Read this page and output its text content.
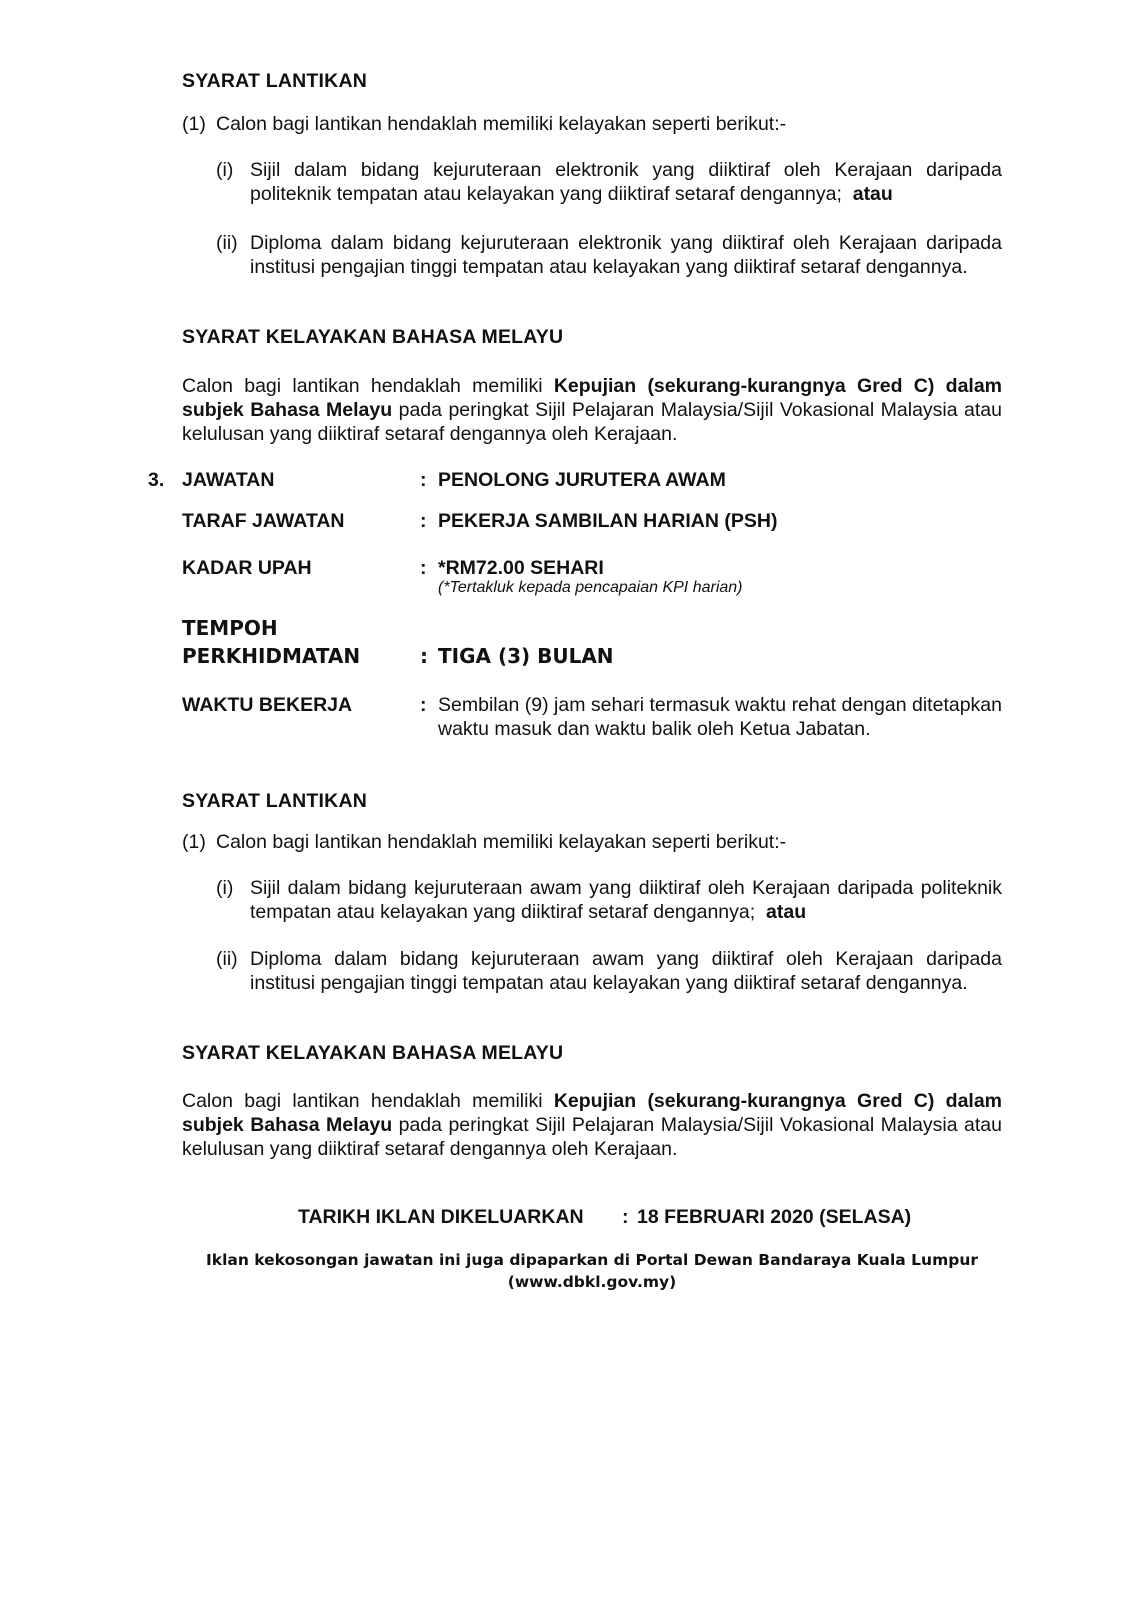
SYARAT LANTIKAN
(1) Calon bagi lantikan hendaklah memiliki kelayakan seperti berikut:-
(i) Sijil dalam bidang kejuruteraan elektronik yang diiktiraf oleh Kerajaan daripada politeknik tempatan atau kelayakan yang diiktiraf setaraf dengannya; atau
(ii) Diploma dalam bidang kejuruteraan elektronik yang diiktiraf oleh Kerajaan daripada institusi pengajian tinggi tempatan atau kelayakan yang diiktiraf setaraf dengannya.
SYARAT KELAYAKAN BAHASA MELAYU
Calon bagi lantikan hendaklah memiliki Kepujian (sekurang-kurangnya Gred C) dalam subjek Bahasa Melayu pada peringkat Sijil Pelajaran Malaysia/Sijil Vokasional Malaysia atau kelulusan yang diiktiraf setaraf dengannya oleh Kerajaan.
3. JAWATAN	: PENOLONG JURUTERA AWAM
TARAF JAWATAN	: PEKERJA SAMBILAN HARIAN (PSH)
KADAR UPAH	: *RM72.00 SEHARI
(*Tertakluk kepada pencapaian KPI harian)
TEMPOH
PERKHIDMATAN	: TIGA (3) BULAN
WAKTU BEKERJA	: Sembilan (9) jam sehari termasuk waktu rehat dengan ditetapkan waktu masuk dan waktu balik oleh Ketua Jabatan.
SYARAT LANTIKAN
(1) Calon bagi lantikan hendaklah memiliki kelayakan seperti berikut:-
(i) Sijil dalam bidang kejuruteraan awam yang diiktiraf oleh Kerajaan daripada politeknik tempatan atau kelayakan yang diiktiraf setaraf dengannya; atau
(ii) Diploma dalam bidang kejuruteraan awam yang diiktiraf oleh Kerajaan daripada institusi pengajian tinggi tempatan atau kelayakan yang diiktiraf setaraf dengannya.
SYARAT KELAYAKAN BAHASA MELAYU
Calon bagi lantikan hendaklah memiliki Kepujian (sekurang-kurangnya Gred C) dalam subjek Bahasa Melayu pada peringkat Sijil Pelajaran Malaysia/Sijil Vokasional Malaysia atau kelulusan yang diiktiraf setaraf dengannya oleh Kerajaan.
TARIKH IKLAN DIKELUARKAN : 18 FEBRUARI 2020 (SELASA)
Iklan kekosongan jawatan ini juga dipaparkan di Portal Dewan Bandaraya Kuala Lumpur
(www.dbkl.gov.my)
